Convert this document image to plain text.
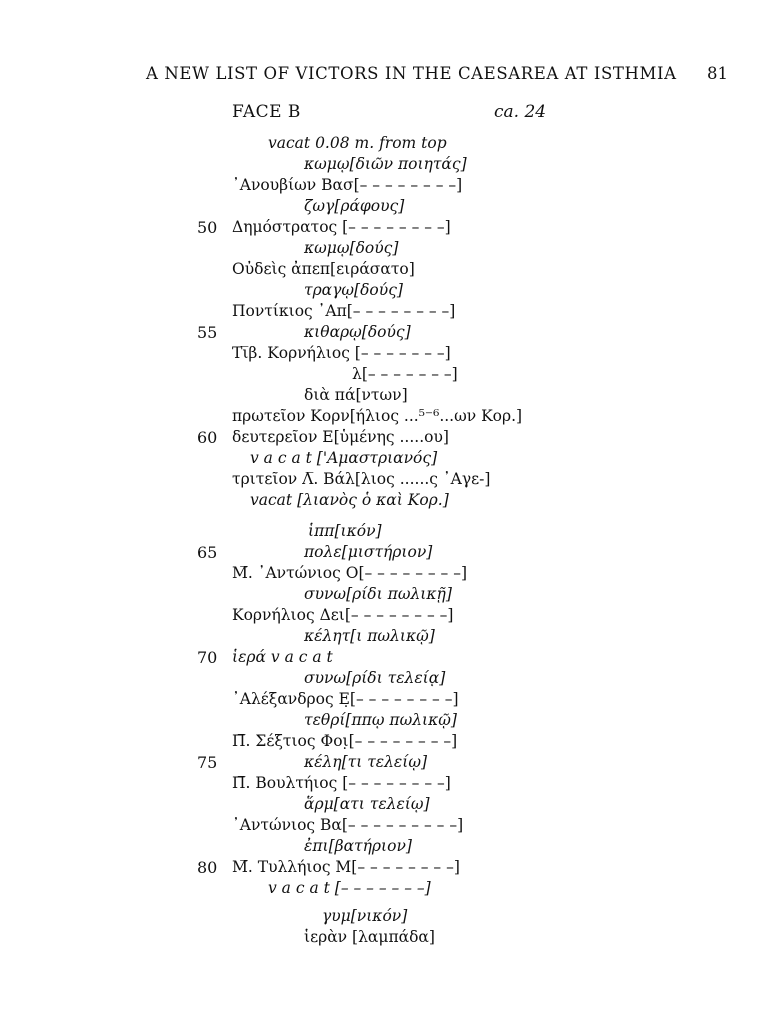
A NEW LIST OF VICTORS IN THE CAESAREA AT ISTHMIA 81
FACE B	ca. 24
vacat 0.08 m. from top
κωμῳ[διῶν ποιητάς]
᾿Ανουβίων Βασ[– – – – – – – –]
ζωγ[ράφους]
50 Δημόστρατος [– – – – – – – –]
κωμῳ[δούς]
Οὐδεὶς ἀπεπ[ειράσατο]
τραγῳ[δούς]
Ποντίκιος ᾿Απ[– – – – – – – –]
55	κιθαρῳ[δούς]
Τι̅β. Κορνήλιος [– – – – – – –]
λ[– – – – – – –]
διὰ πά[ντων]
πρωτεῖον Κορν[ήλιος ...⁵⁻⁶...ων Κορ.]
60 δευτερεῖον Ε[ὑμένης .....ου]
v a c a t ['Αμαστριανός]
τριτεῖον Λ̅. Βάλ[λιος ......ς ᾿Αγε-]
vacat [λιανὸς ὁ καὶ Κορ.]
ἱππ[ικόν]
65	πολε[μιστήριον]
Μ̅. ᾿Αντώνιος Ο[– – – – – – – –]
συνω[ρίδι πωλικῇ]
Κορνήλιος Δει[– – – – – – – –]
κέλητ[ι πωλικῷ]
70 ἱερά v a c a t
συνω[ρίδι τελείᾳ]
᾿Αλέξανδρος Ε̣[– – – – – – – –]
τεθρί[ππῳ πωλικῷ]
Π̅. Σέξτιος Φοι̣[– – – – – – – –]
75	κέλη[τι τελείῳ]
Π̅. Βουλτήιος [– – – – – – – –]
ἅρμ[ατι τελείῳ]
᾿Αντώνιος Βα[– – – – – – – – –]
ἐπι[βατήριον]
80 Μ̅. Τυλλήιος Μ[– – – – – – – –]
v a c a t [– – – – – – –]
γυμ[νικόν]
ἱερὰν [λαμπάδα]
